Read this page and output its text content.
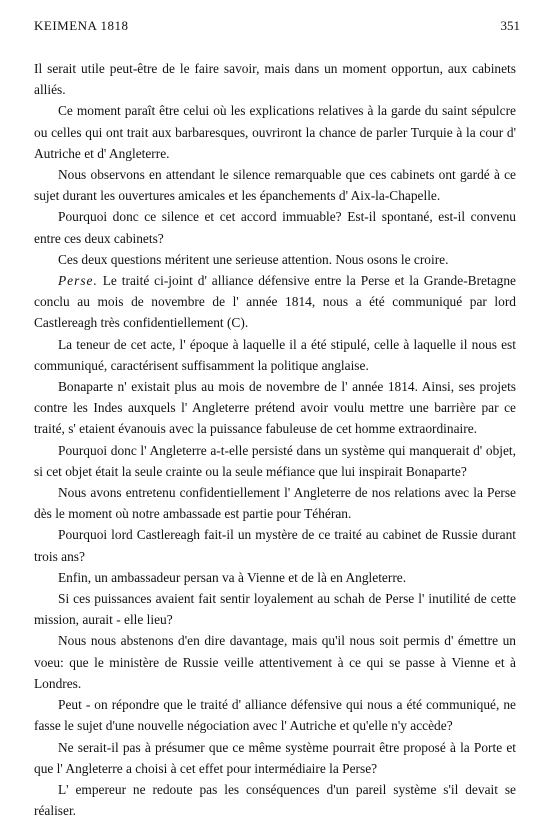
KEIMENA 1818	351

Il serait utile peut-être de le faire savoir, mais dans un moment opportun, aux cabinets alliés.

Ce moment paraît être celui où les explications relatives à la garde du saint sépulcre ou celles qui ont trait aux barbaresques, ouvriront la chance de parler Turquie à la cour d' Autriche et d' Angleterre.

Nous observons en attendant le silence remarquable que ces cabinets ont gardé à ce sujet durant les ouvertures amicales et les épanchements d' Aix-la-Chapelle.

Pourquoi donc ce silence et cet accord immuable? Est-il spontané, est-il convenu entre ces deux cabinets?

Ces deux questions méritent une serieuse attention. Nous osons le croire.

Perse. Le traité ci-joint d' alliance défensive entre la Perse et la Grande-Bretagne conclu au mois de novembre de l' année 1814, nous a été communiqué par lord Castlereagh très confidentiellement (C).

La teneur de cet acte, l' époque à laquelle il a été stipulé, celle à laquelle il nous est communiqué, caractérisent suffisamment la politique anglaise.

Bonaparte n' existait plus au mois de novembre de l' année 1814. Ainsi, ses projets contre les Indes auxquels l' Angleterre prétend avoir voulu mettre une barrière par ce traité, s' etaient évanouis avec la puissance fabuleuse de cet homme extraordinaire.

Pourquoi donc l' Angleterre a-t-elle persisté dans un système qui manquerait d' objet, si cet objet était la seule crainte ou la seule méfiance que lui inspirait Bonaparte?

Nous avons entretenu confidentiellement l' Angleterre de nos relations avec la Perse dès le moment où notre ambassade est partie pour Téhéran.

Pourquoi lord Castlereagh fait-il un mystère de ce traité au cabinet de Russie durant trois ans?

Enfin, un ambassadeur persan va à Vienne et de là en Angleterre.

Si ces puissances avaient fait sentir loyalement au schah de Perse l' inutilité de cette mission, aurait - elle lieu?

Nous nous abstenons d'en dire davantage, mais qu'il nous soit permis d' émettre un voeu: que le ministère de Russie veille attentivement à ce qui se passe à Vienne et à Londres.

Peut - on répondre que le traité d' alliance défensive qui nous a été communiqué, ne fasse le sujet d'une nouvelle négociation avec l' Autriche et qu'elle n'y accède?

Ne serait-il pas à présumer que ce même système pourrait être proposé à la Porte et que l' Angleterre a choisi à cet effet pour intermédiaire la Perse?

L' empereur ne redoute pas les conséquences d'un pareil système s'il devait se réaliser.
